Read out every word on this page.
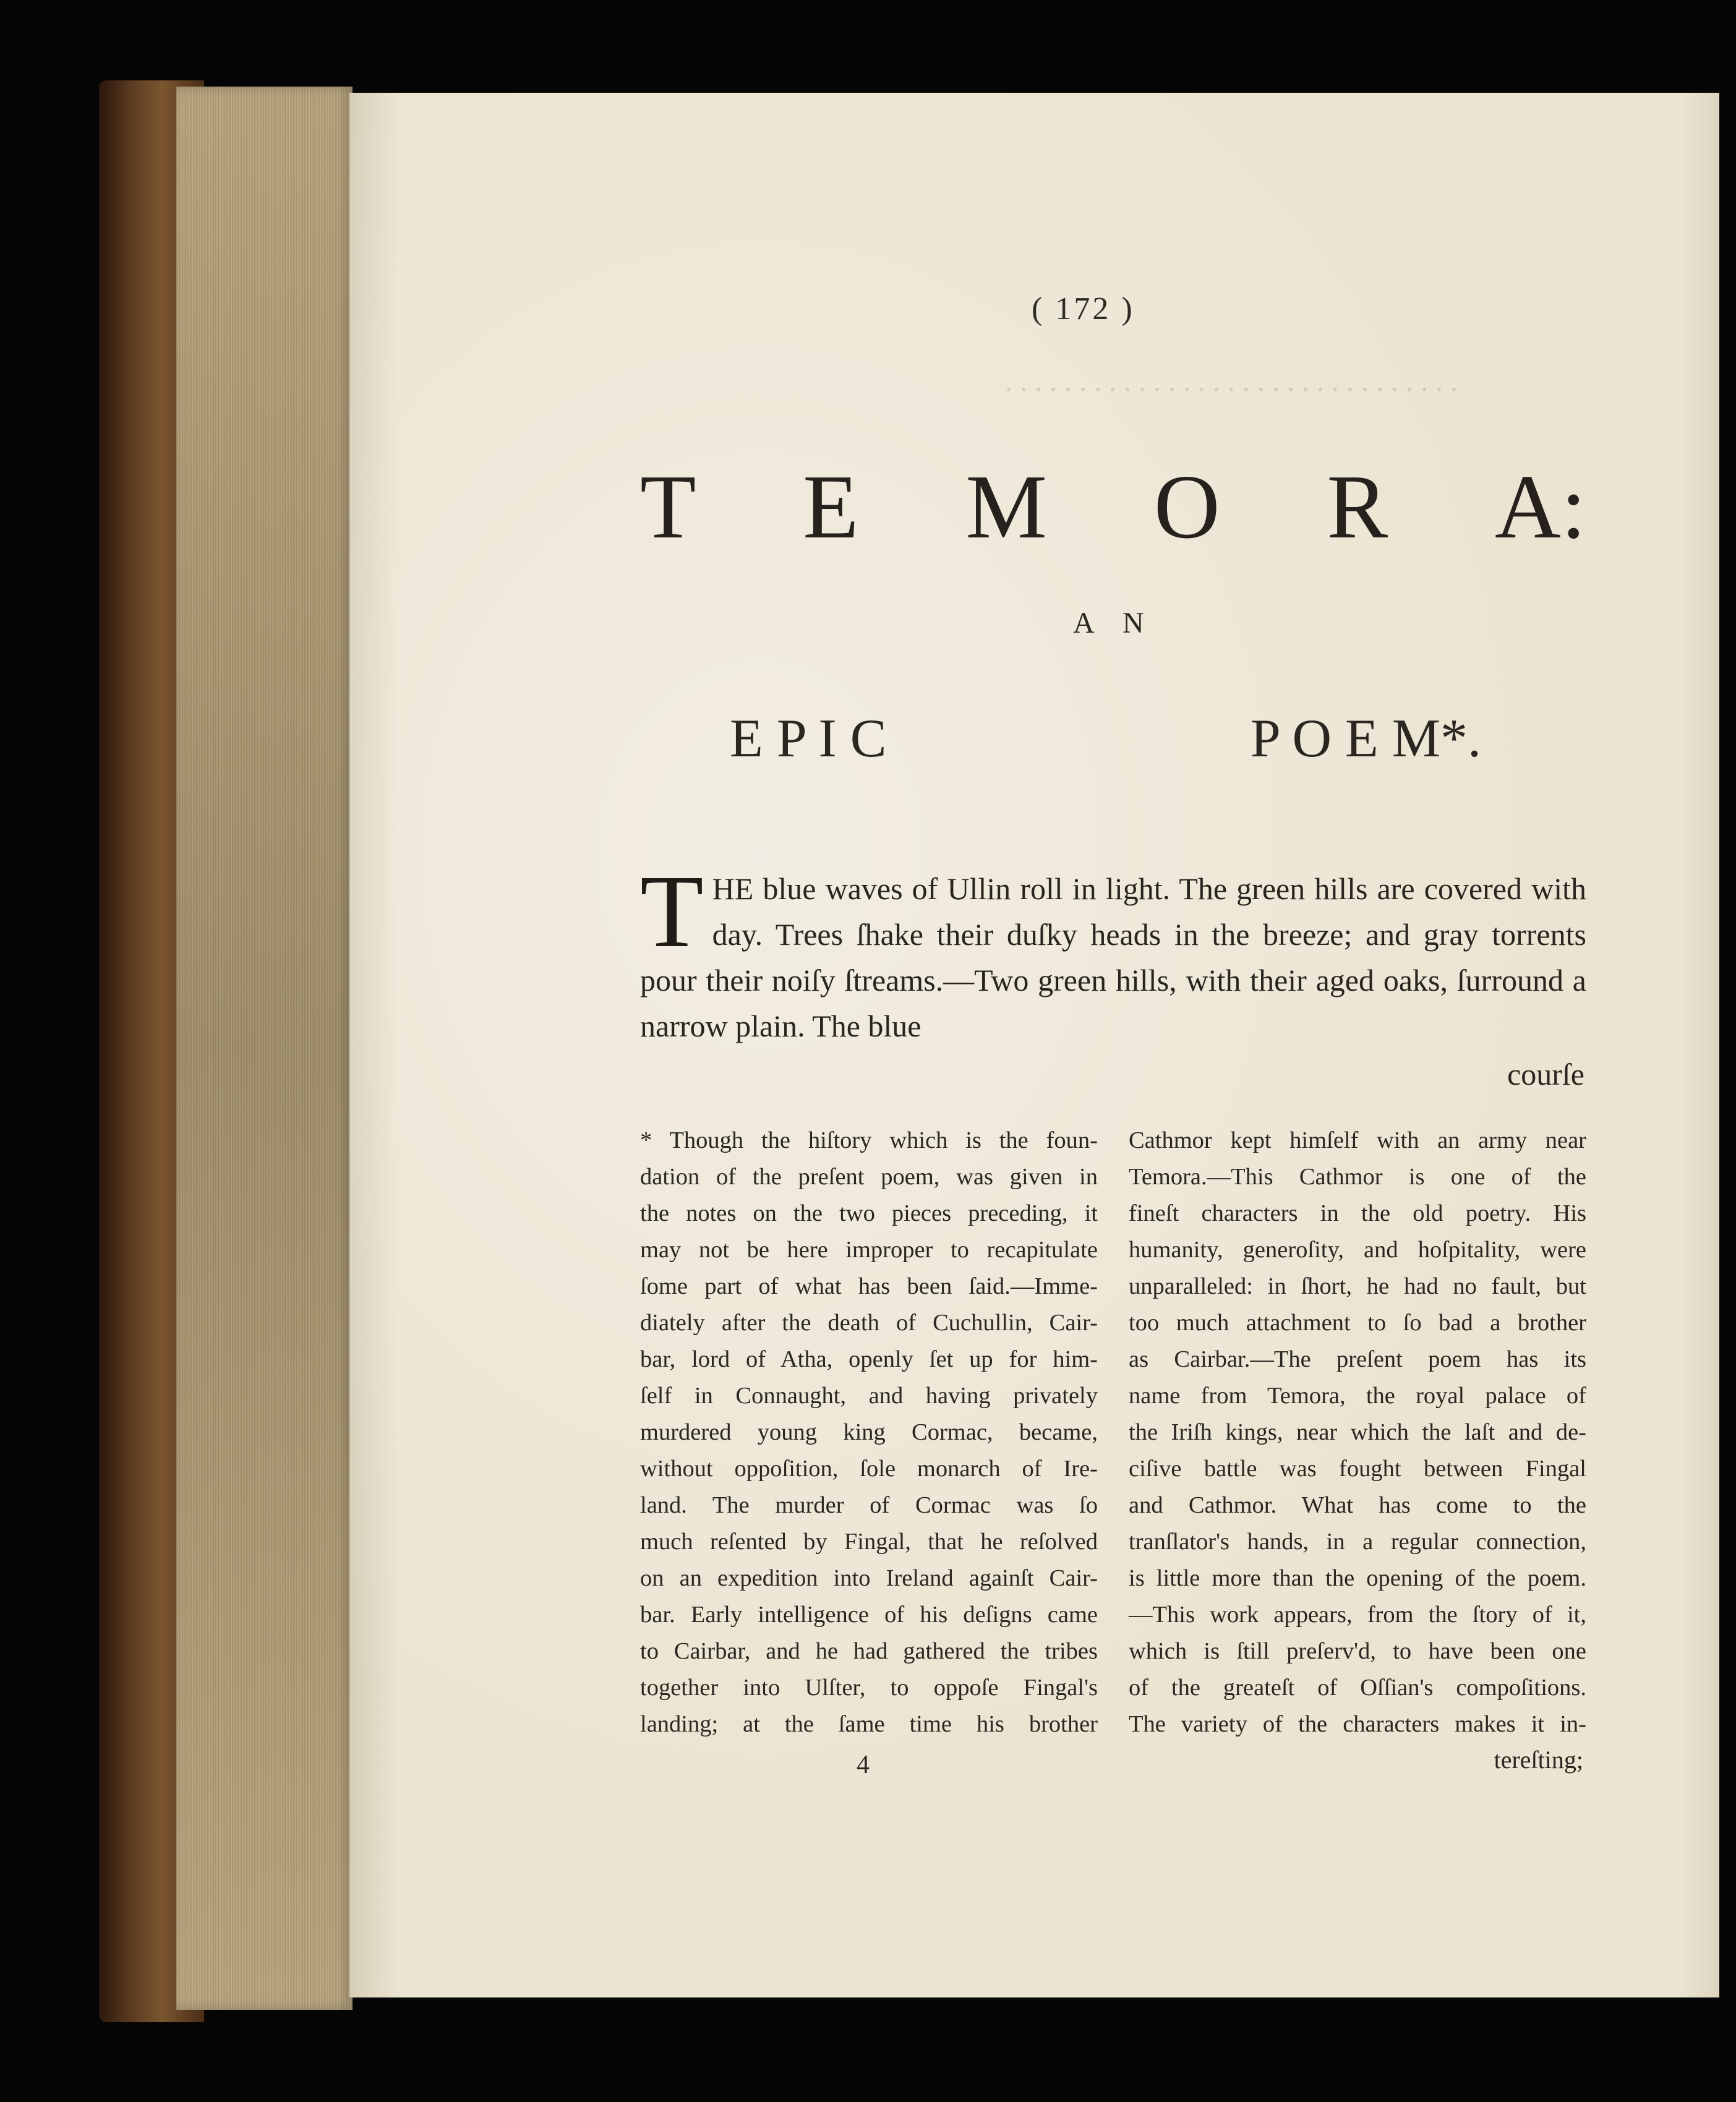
. . . . . . . . . . . . . . . . . . . . . . . . . . . . . . .
( 172 )
T E M O R A:
A N
E P I C	P O E M*.
THE blue waves of Ullin roll in light. The green hills are covered with day. Trees ſhake their duſky heads in the breeze; and gray torrents pour their noiſy ſtreams.—Two green hills, with their aged oaks, ſurround a narrow plain. The blue
courſe
* Though the hiſtory which is the foun-
dation of the preſent poem, was given in
the notes on the two pieces preceding, it
may not be here improper to recapitulate
ſome part of what has been ſaid.—Imme-
diately after the death of Cuchullin, Cair-
bar, lord of Atha, openly ſet up for him-
ſelf in Connaught, and having privately
murdered young king Cormac, became,
without oppoſition, ſole monarch of Ire-
land. The murder of Cormac was ſo
much reſented by Fingal, that he reſolved
on an expedition into Ireland againſt Cair-
bar. Early intelligence of his deſigns came
to Cairbar, and he had gathered the tribes
together into Ulſter, to oppoſe Fingal's
landing; at the ſame time his brother
Cathmor kept himſelf with an army near
Temora.—This Cathmor is one of the
fineſt characters in the old poetry. His
humanity, generoſity, and hoſpitality, were
unparalleled: in ſhort, he had no fault, but
too much attachment to ſo bad a brother
as Cairbar.—The preſent poem has its
name from Temora, the royal palace of
the Iriſh kings, near which the laſt and de-
ciſive battle was fought between Fingal
and Cathmor. What has come to the
tranſlator's hands, in a regular connection,
is little more than the opening of the poem.
—This work appears, from the ſtory of it,
which is ſtill preſerv'd, to have been one
of the greateſt of Oſſian's compoſitions.
The variety of the characters makes it in-
4	tereſting;
